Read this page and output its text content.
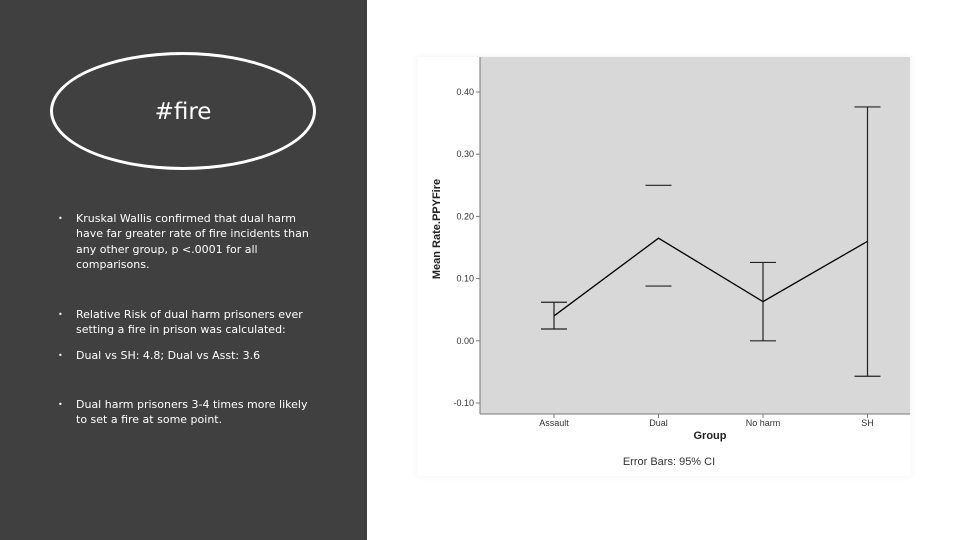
#fire
• Kruskal Wallis confirmed that dual harm have far greater rate of fire incidents than any other group, p <.0001 for all comparisons.
• Relative Risk of dual harm prisoners ever setting a fire in prison was calculated:
• Dual vs SH: 4.8; Dual vs Asst: 3.6
• Dual harm prisoners 3-4 times more likely to set a fire at some point.
-0.10
0.00
0.10
0.20
0.30
0.40
Assault	Dual	No harm	SH
Mean Rate.PPYFire
Group
Error Bars: 95% CI
